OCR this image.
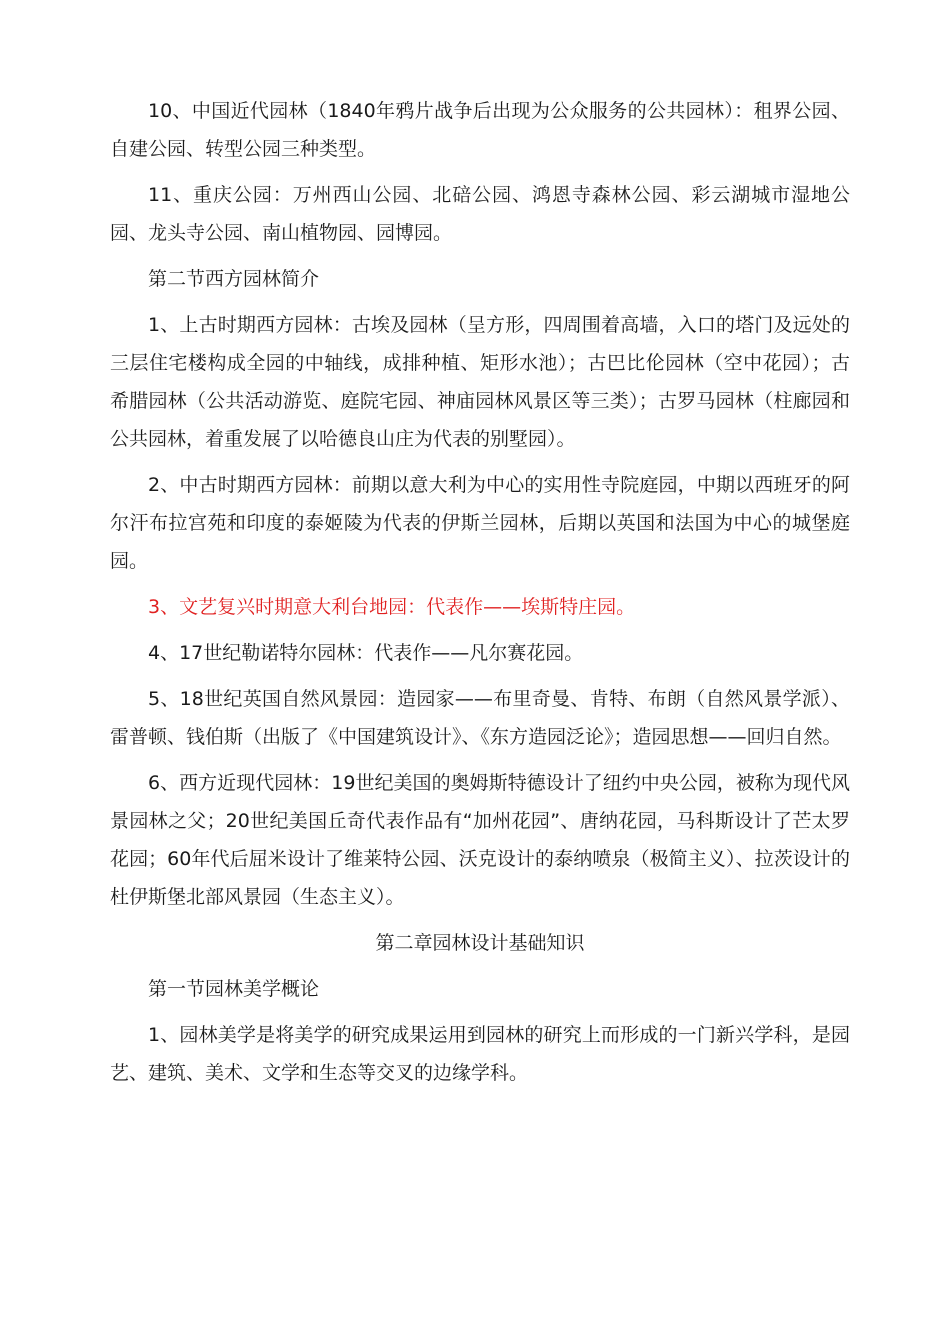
10、中国近代园林（1840年鸦片战争后出现为公众服务的公共园林）：租界公园、自建公园、转型公园三种类型。

11、重庆公园：万州西山公园、北碚公园、鸿恩寺森林公园、彩云湖城市湿地公园、龙头寺公园、南山植物园、园博园。

第二节西方园林简介

1、上古时期西方园林：古埃及园林（呈方形，四周围着高墙，入口的塔门及远处的三层住宅楼构成全园的中轴线，成排种植、矩形水池）；古巴比伦园林（空中花园）；古希腊园林（公共活动游览、庭院宅园、神庙园林风景区等三类）；古罗马园林（柱廊园和公共园林，着重发展了以哈德良山庄为代表的别墅园）。

2、中古时期西方园林：前期以意大利为中心的实用性寺院庭园，中期以西班牙的阿尔汗布拉宫苑和印度的泰姬陵为代表的伊斯兰园林，后期以英国和法国为中心的城堡庭园。

3、文艺复兴时期意大利台地园：代表作——埃斯特庄园。

4、17世纪勒诺特尔园林：代表作——凡尔赛花园。

5、18世纪英国自然风景园：造园家——布里奇曼、肯特、布朗（自然风景学派）、雷普顿、钱伯斯（出版了《中国建筑设计》、《东方造园泛论》；造园思想——回归自然。

6、西方近现代园林：19世纪美国的奥姆斯特德设计了纽约中央公园，被称为现代风景园林之父；20世纪美国丘奇代表作品有“加州花园”、唐纳花园，马科斯设计了芒太罗花园；60年代后屈米设计了维莱特公园、沃克设计的泰纳喷泉（极简主义）、拉茨设计的杜伊斯堡北部风景园（生态主义）。

第二章园林设计基础知识

第一节园林美学概论

1、园林美学是将美学的研究成果运用到园林的研究上而形成的一门新兴学科，是园艺、建筑、美术、文学和生态等交叉的边缘学科。
